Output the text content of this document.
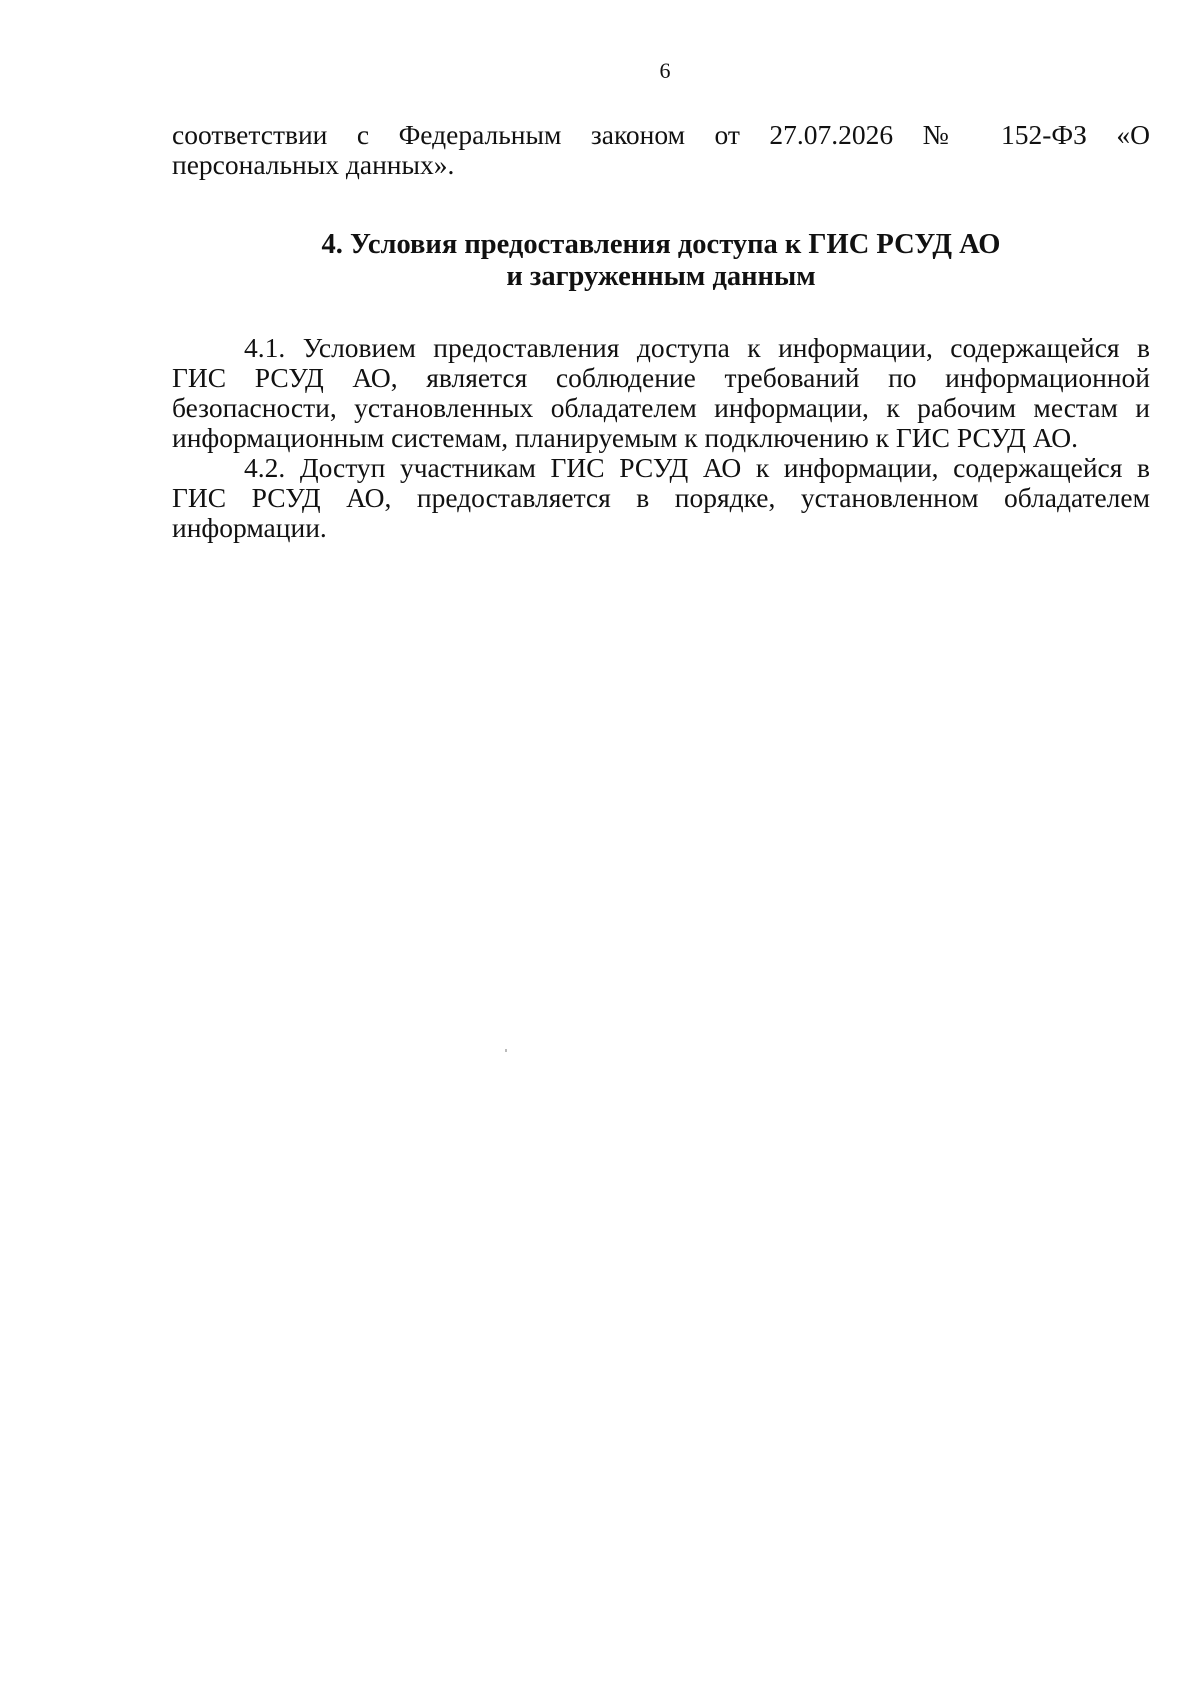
6
соответствии с Федеральным законом от 27.07.2026 № 152-ФЗ «О
персональных данных».
4. Условия предоставления доступа к ГИС РСУД АО
и загруженным данным
4.1. Условием предоставления доступа к информации, содержащейся в
ГИС РСУД АО, является соблюдение требований по информационной
безопасности, установленных обладателем информации, к рабочим местам и
информационным системам, планируемым к подключению к ГИС РСУД АО.
4.2. Доступ участникам ГИС РСУД АО к информации, содержащейся в
ГИС РСУД АО, предоставляется в порядке, установленном обладателем
информации.
